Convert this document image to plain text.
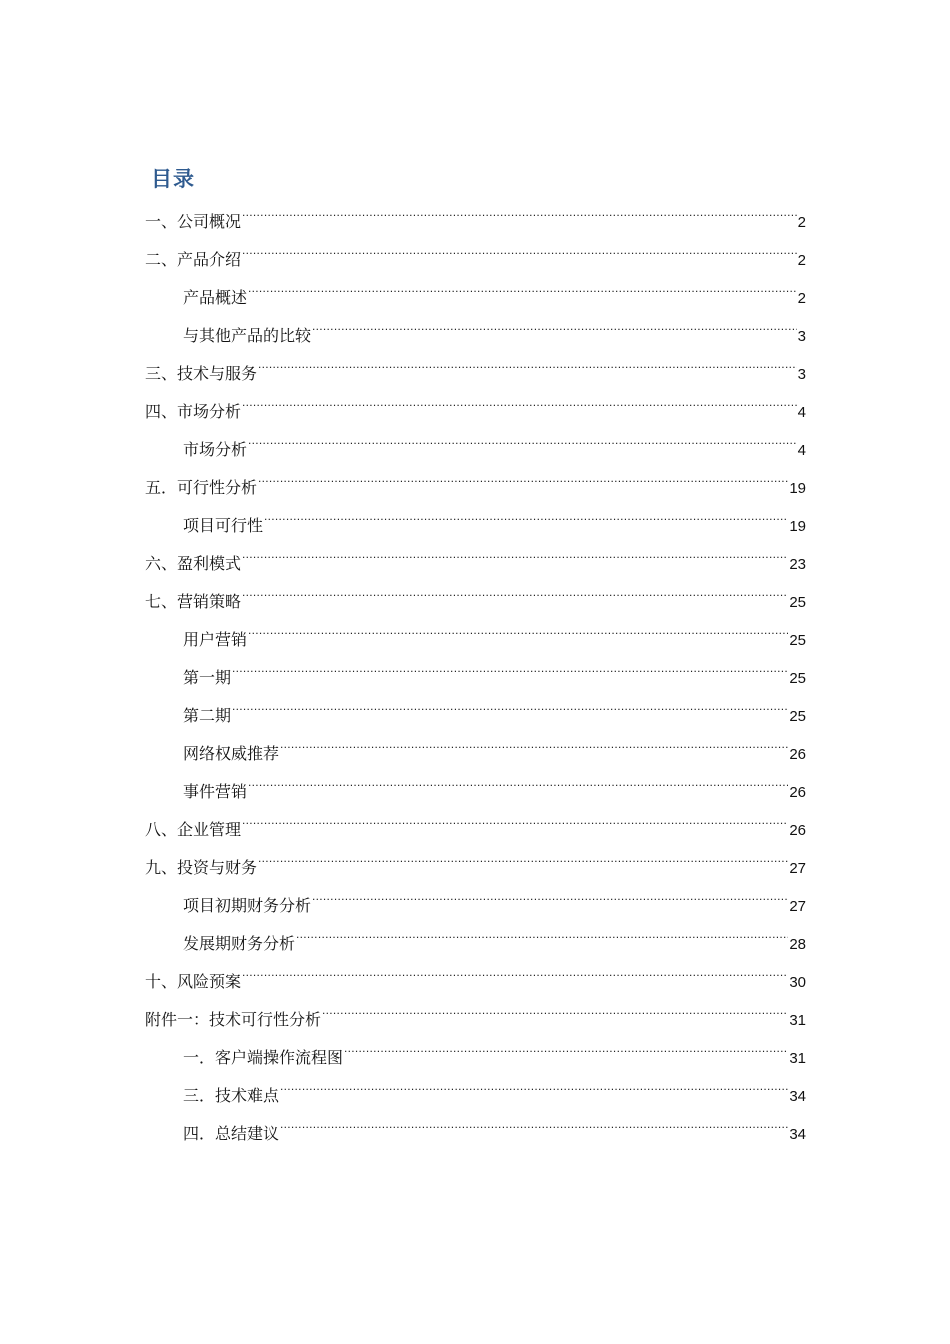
目录
一、公司概况 .....	2
二、产品介绍 .....	2
产品概述 .....	2
与其他产品的比较 .....	3
三、技术与服务 .....	3
四、市场分析 .....	4
市场分析 .....	4
五．可行性分析 .....	19
项目可行性 .....	19
六、盈利模式 .....	23
七、营销策略 .....	25
用户营销 .....	25
第一期 .....	25
第二期 .....	25
网络权威推荐 .....	26
事件营销 .....	26
八、企业管理 .....	26
九、投资与财务 .....	27
项目初期财务分析 .....	27
发展期财务分析 .....	28
十、风险预案 .....	30
附件一：技术可行性分析 .....	31
一．客户端操作流程图 .....	31
三．技术难点 .....	34
四．总结建议 .....	34
